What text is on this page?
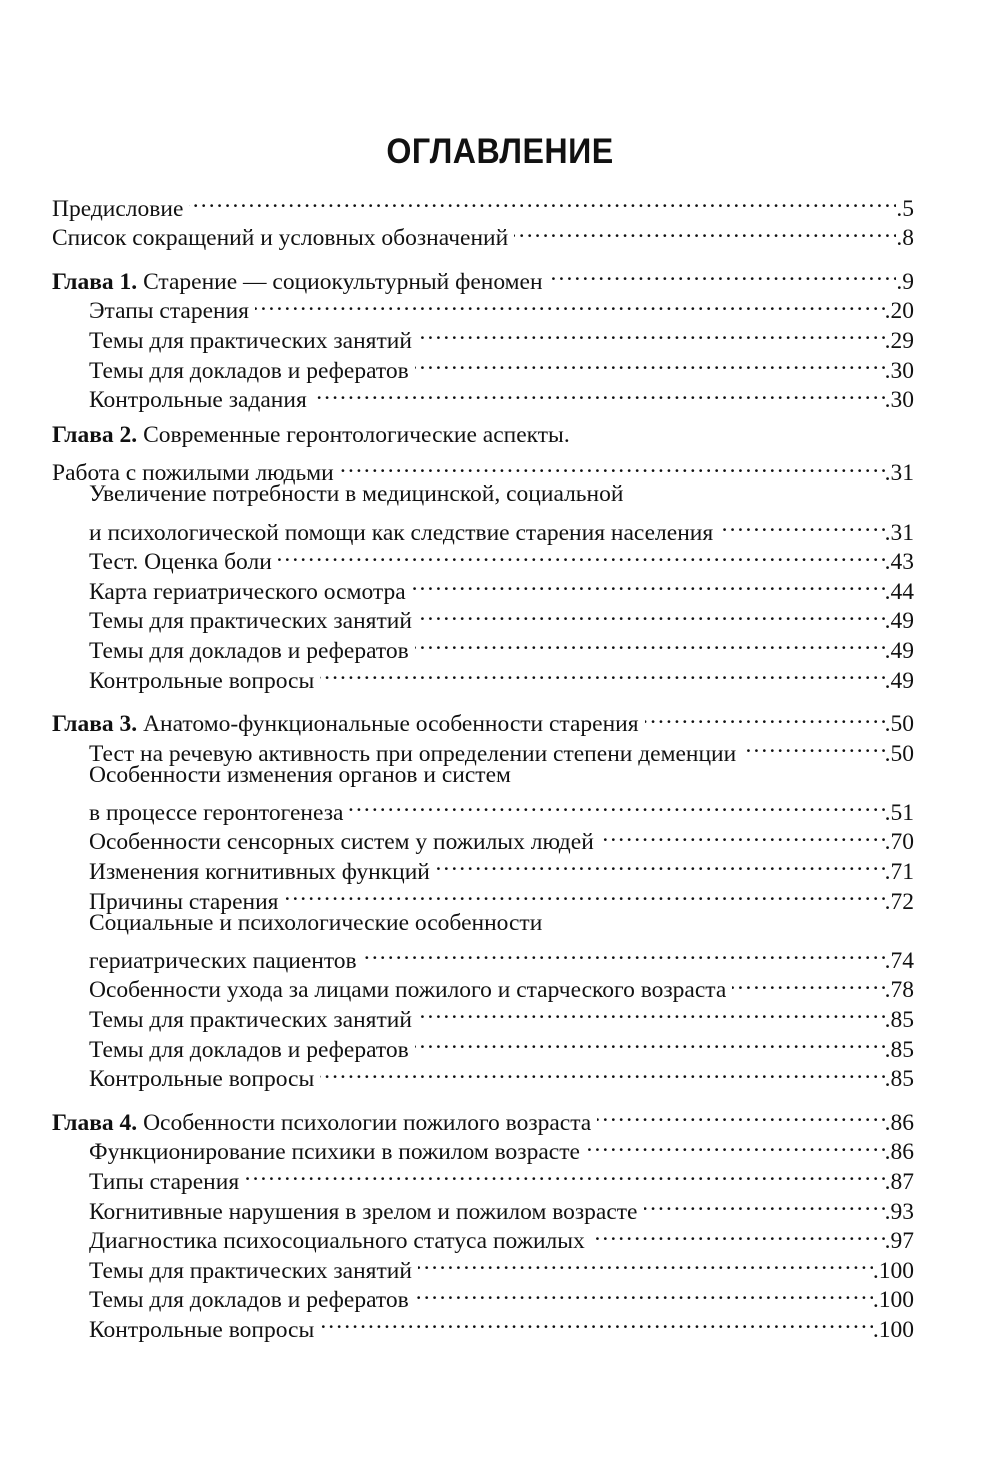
ОГЛАВЛЕНИЕ
Предисловие . . .	.5
Список сокращений и условных обозначений . . .	.8
Глава 1. Старение — социокультурный феномен . . .	.9
Этапы старения . . .	.20
Темы для практических занятий . . .	.29
Темы для докладов и рефератов . . .	.30
Контрольные задания . . .	.30
Глава 2. Современные геронтологические аспекты.
Работа с пожилыми людьми . . .	.31
Увеличение потребности в медицинской, социальной
и психологической помощи как следствие старения населения . . .	.31
Тест. Оценка боли . . .	.43
Карта гериатрического осмотра . . .	.44
Темы для практических занятий . . .	.49
Темы для докладов и рефератов . . .	.49
Контрольные вопросы . . .	.49
Глава 3. Анатомо-функциональные особенности старения . . .	.50
Тест на речевую активность при определении степени деменции . . .	.50
Особенности изменения органов и систем
в процессе геронтогенеза . . .	.51
Особенности сенсорных систем у пожилых людей . . .	.70
Изменения когнитивных функций . . .	.71
Причины старения . . .	.72
Социальные и психологические особенности
гериатрических пациентов . . .	.74
Особенности ухода за лицами пожилого и старческого возраста . . .	.78
Темы для практических занятий . . .	.85
Темы для докладов и рефератов . . .	.85
Контрольные вопросы . . .	.85
Глава 4. Особенности психологии пожилого возраста . . .	.86
Функционирование психики в пожилом возрасте . . .	.86
Типы старения . . .	.87
Когнитивные нарушения в зрелом и пожилом возрасте . . .	.93
Диагностика психосоциального статуса пожилых . . .	.97
Темы для практических занятий . . .	.100
Темы для докладов и рефератов . . .	.100
Контрольные вопросы . . .	.100
